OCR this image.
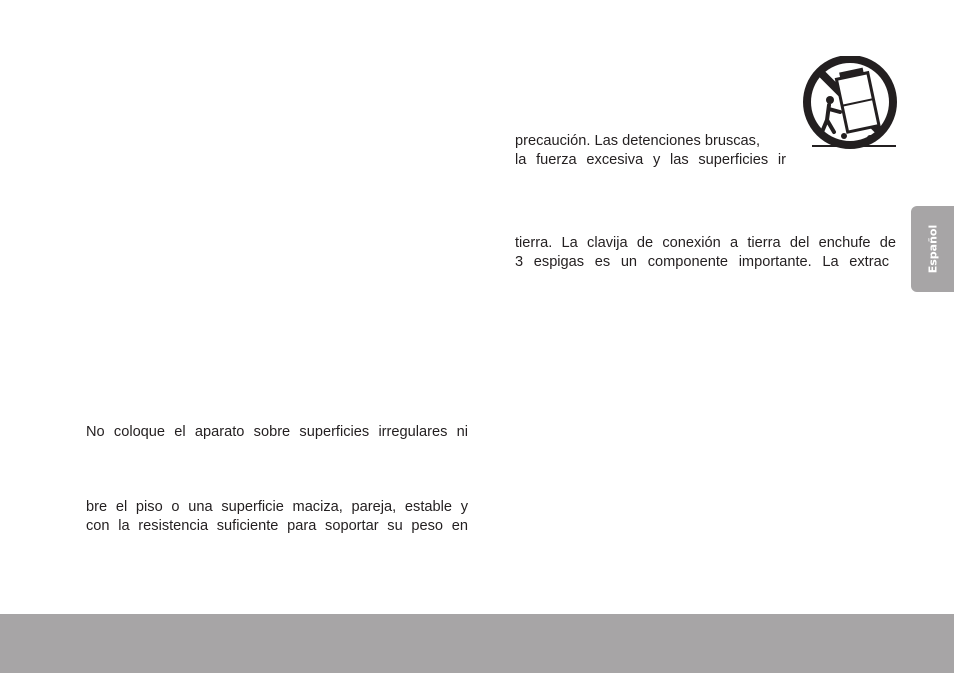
precaución. Las detenciones bruscas,

la fuerza excesiva y las superficies ir

tierra. La clavija de conexión a tierra del enchufe de

3 espigas es un componente importante. La extrac

No coloque el aparato sobre superficies irregulares ni

bre el piso o una superficie maciza, pareja, estable y

con la resistencia suficiente para soportar su peso en

Español
